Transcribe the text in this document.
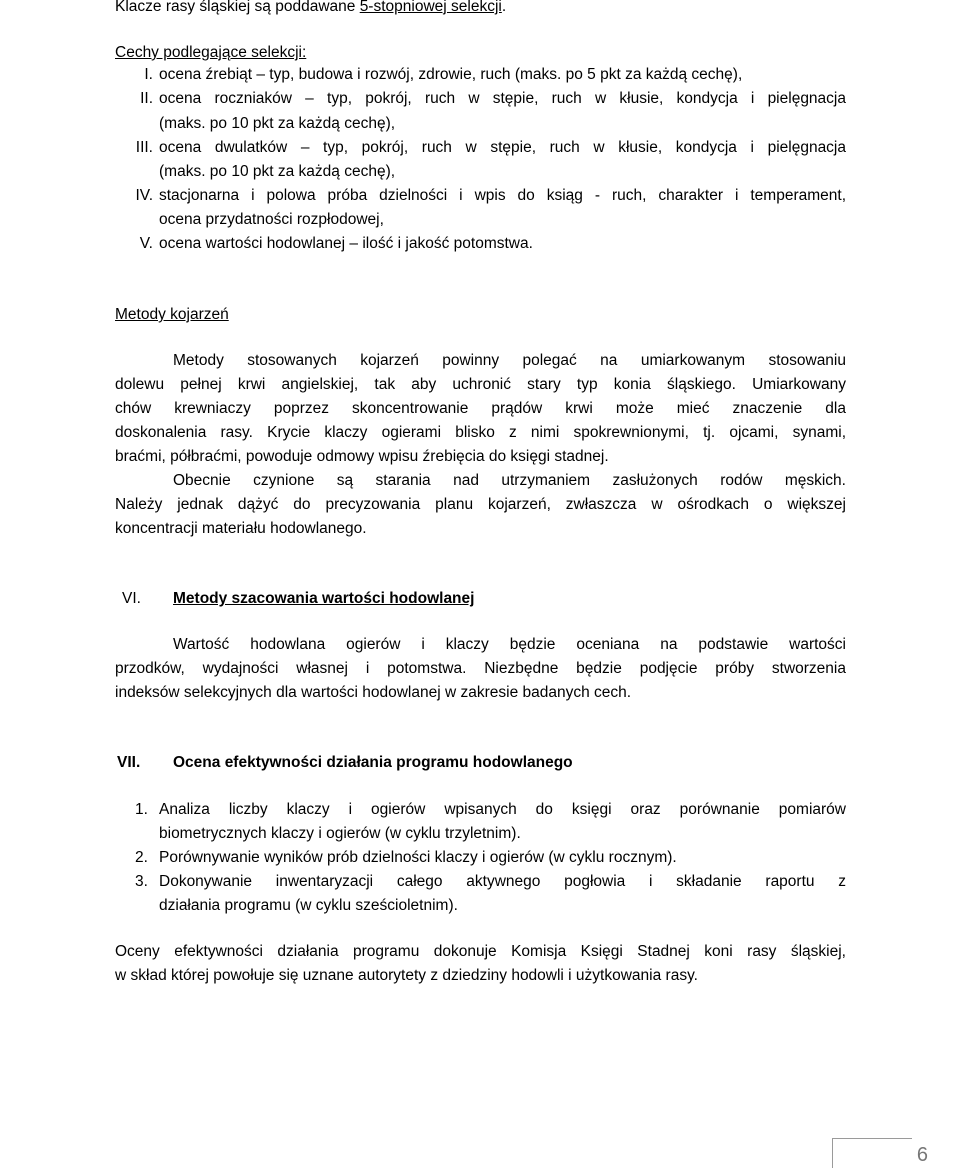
Klacze rasy śląskiej są poddawane 5-stopniowej selekcji.
Cechy podlegające selekcji:
I. ocena źrebiąt – typ, budowa i rozwój, zdrowie, ruch (maks. po 5 pkt za każdą cechę),
II. ocena roczniaków – typ, pokrój, ruch w stępie, ruch w kłusie, kondycja i pielęgnacja
(maks. po 10 pkt za każdą cechę),
III. ocena dwulatków – typ, pokrój, ruch w stępie, ruch w kłusie, kondycja i pielęgnacja
(maks. po 10 pkt za każdą cechę),
IV. stacjonarna i polowa próba dzielności i wpis do ksiąg - ruch, charakter i temperament,
ocena przydatności rozpłodowej,
V. ocena wartości hodowlanej – ilość i jakość potomstwa.
Metody kojarzeń
Metody stosowanych kojarzeń powinny polegać na umiarkowanym stosowaniu
dolewu pełnej krwi angielskiej, tak aby uchronić stary typ konia śląskiego. Umiarkowany
chów krewniaczy poprzez skoncentrowanie prądów krwi może mieć znaczenie dla
doskonalenia rasy. Krycie klaczy ogierami blisko z nimi spokrewnionymi, tj. ojcami, synami,
braćmi, półbraćmi, powoduje odmowy wpisu źrebięcia do księgi stadnej.
Obecnie czynione są starania nad utrzymaniem zasłużonych rodów męskich.
Należy jednak dążyć do precyzowania planu kojarzeń, zwłaszcza w ośrodkach o większej
koncentracji materiału hodowlanego.
VI. Metody szacowania wartości hodowlanej
Wartość hodowlana ogierów i klaczy będzie oceniana na podstawie wartości
przodków, wydajności własnej i potomstwa. Niezbędne będzie podjęcie próby stworzenia
indeksów selekcyjnych dla wartości hodowlanej w zakresie badanych cech.
VII. Ocena efektywności działania programu hodowlanego
1. Analiza liczby klaczy i ogierów wpisanych do księgi oraz porównanie pomiarów
biometrycznych klaczy i ogierów (w cyklu trzyletnim).
2. Porównywanie wyników prób dzielności klaczy i ogierów (w cyklu rocznym).
3. Dokonywanie inwentaryzacji całego aktywnego pogłowia i składanie raportu z
działania programu (w cyklu sześcioletnim).
Oceny efektywności działania programu dokonuje Komisja Księgi Stadnej koni rasy śląskiej,
w skład której powołuje się uznane autorytety z dziedziny hodowli i użytkowania rasy.
6
